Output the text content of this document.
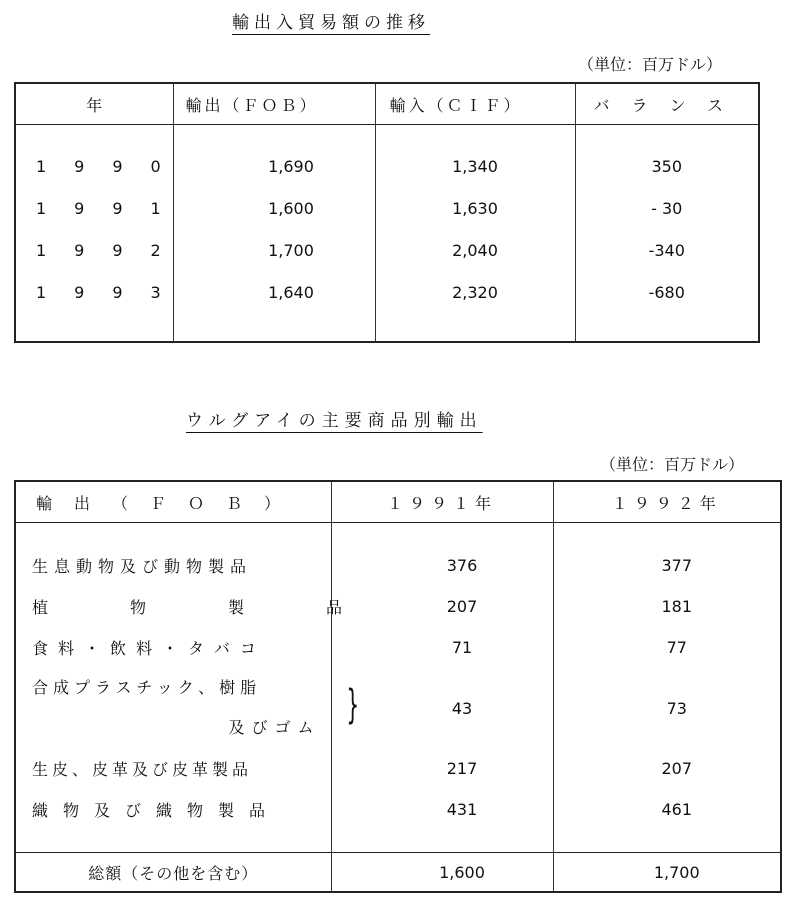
輸出入貿易額の推移
（単位：百万ドル）
年	輸出（ＦＯＢ）	輸入（ＣＩＦ）	バランス

1990	1,690	1,340	350
1991	1,600	1,630	- 30
1992	1,700	2,040	-340
1993	1,640	2,320	-680

ウルグアイの主要商品別輸出
（単位：百万ドル）
輸出（ＦＯＢ）	１９９１年	１９９２年

生息動物及び動物製品	376	377
植物製品	207	181
食料・飲料・タバコ	71	77

合成プラスチック、樹脂
及びゴム	43	73
生皮、皮革及び皮革製品	217	207
織物及び織物製品	431	461

総額（その他を含む）	1,600	1,700
}
